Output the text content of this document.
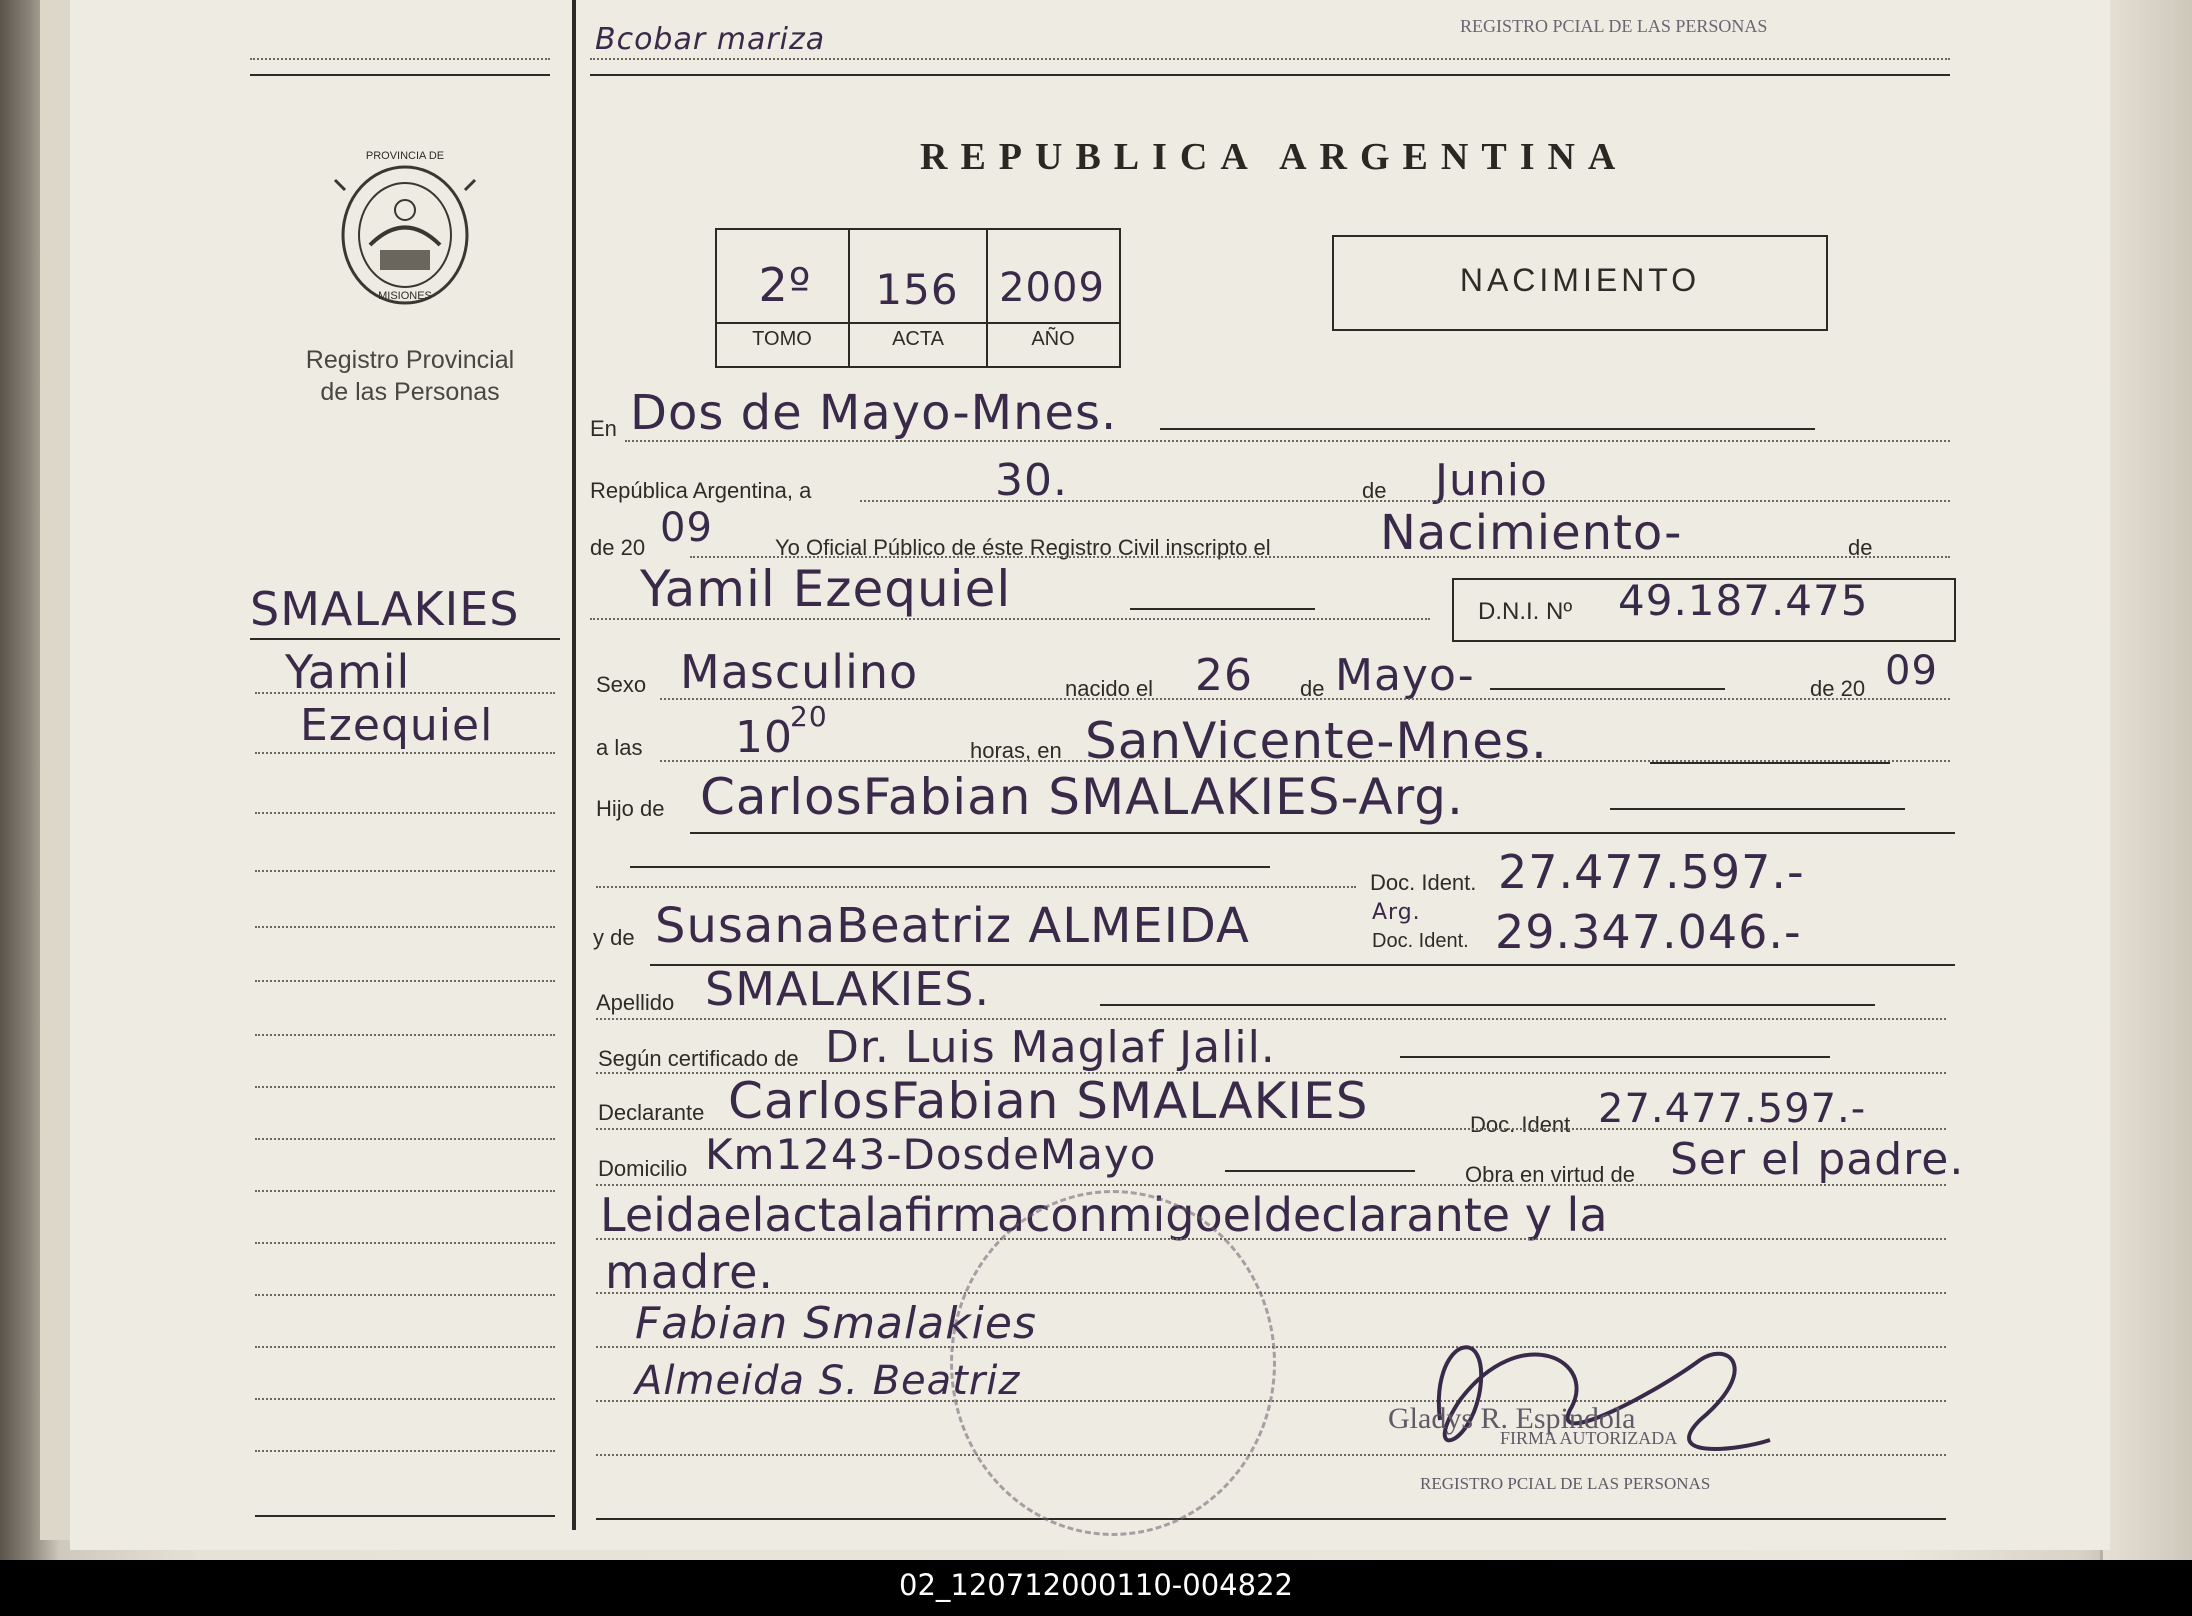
Bcobar mariza	REGISTRO PCIAL DE LAS PERSONAS
PROVINCIA DE
MISIONES
Registro Provincial
de las Personas
SMALAKIES
Yamil
Ezequiel
REPUBLICA ARGENTINA
2º	156	2009
TOMO	ACTA	AÑO
NACIMIENTO
En Dos de Mayo-Mnes.
República Argentina, a	30.	de Junio
de 20 09	Yo Oficial Público de éste Registro Civil inscripto el Nacimiento-	de
Yamil Ezequiel	D.N.I. Nº 49.187.475
Sexo Masculino	nacido el 26 de Mayo-	de 20 09
a las 10
20
horas, en SanVicente-Mnes.
Hijo de CarlosFabian SMALAKIES-Arg.
Doc. Ident. 27.477.597.-
y de SusanaBeatriz ALMEIDA	Arg.
Doc. Ident. 29.347.046.-
Apellido SMALAKIES.
Según certificado de Dr. Luis Maglaf Jalil.
Declarante CarlosFabian SMALAKIES	Doc. Ident 27.477.597.-
Domicilio Km1243-DosdeMayo	Obra en virtud de Ser el padre.
Leidaelactalafirmaconmigoeldeclarante y la
madre.
Fabian Smalakies
Almeida S. Beatriz
Gladys R. Espindola
FIRMA AUTORIZADA
REGISTRO PCIAL DE LAS PERSONAS
02_120712000110-004822
